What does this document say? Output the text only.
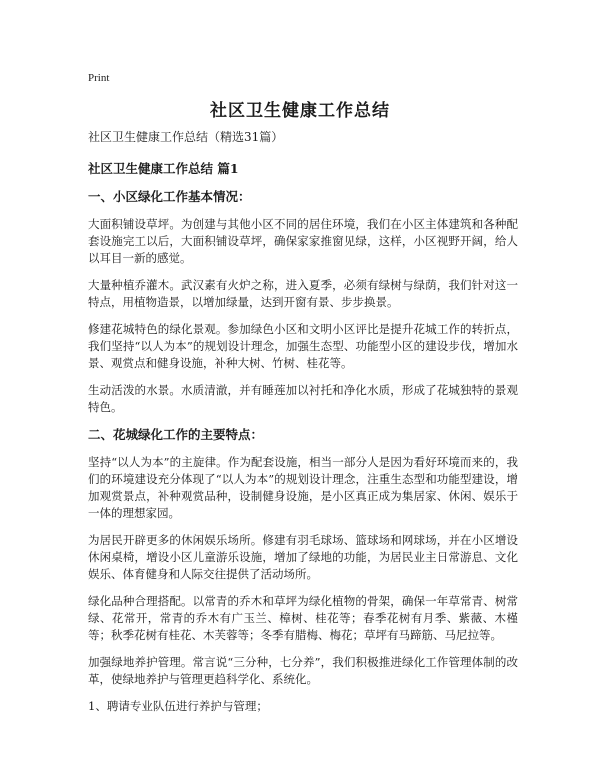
Print
社区卫生健康工作总结

社区卫生健康工作总结（精选31篇）

社区卫生健康工作总结 篇1

一、小区绿化工作基本情况：

大面积铺设草坪。为创建与其他小区不同的居住环境，我们在小区主体建筑和各种配套设施完工以后，大面积铺设草坪，确保家家推窗见绿，这样，小区视野开阔，给人以耳目一新的感觉。

大量种植乔灌木。武汉素有火炉之称，进入夏季，必须有绿树与绿荫，我们针对这一特点，用植物造景，以增加绿量，达到开窗有景、步步换景。

修建花城特色的绿化景观。参加绿色小区和文明小区评比是提升花城工作的转折点，我们坚持“以人为本”的规划设计理念，加强生态型、功能型小区的建设步伐，增加水景、观赏点和健身设施，补种大树、竹树、桂花等。

生动活泼的水景。水质清澈，并有睡莲加以衬托和净化水质，形成了花城独特的景观特色。

二、花城绿化工作的主要特点：

坚持“以人为本”的主旋律。作为配套设施，相当一部分人是因为看好环境而来的，我们的环境建设充分体现了“以人为本”的规划设计理念，注重生态型和功能型建设，增加观赏景点，补种观赏品种，设制健身设施，是小区真正成为集居家、休闲、娱乐于一体的理想家园。

为居民开辟更多的休闲娱乐场所。修建有羽毛球场、篮球场和网球场，并在小区增设休闲桌椅，增设小区儿童游乐设施，增加了绿地的功能，为居民业主日常游息、文化娱乐、体育健身和人际交往提供了活动场所。

绿化品种合理搭配。以常青的乔木和草坪为绿化植物的骨架，确保一年草常青、树常绿、花常开，常青的乔木有广玉兰、樟树、桂花等；春季花树有月季、紫薇、木槿等；秋季花树有桂花、木芙蓉等；冬季有腊梅、梅花；草坪有马蹄筋、马尼拉等。

加强绿地养护管理。常言说“三分种，七分养”，我们积极推进绿化工作管理体制的改革，使绿地养护与管理更趋科学化、系统化。

1、聘请专业队伍进行养护与管理；
